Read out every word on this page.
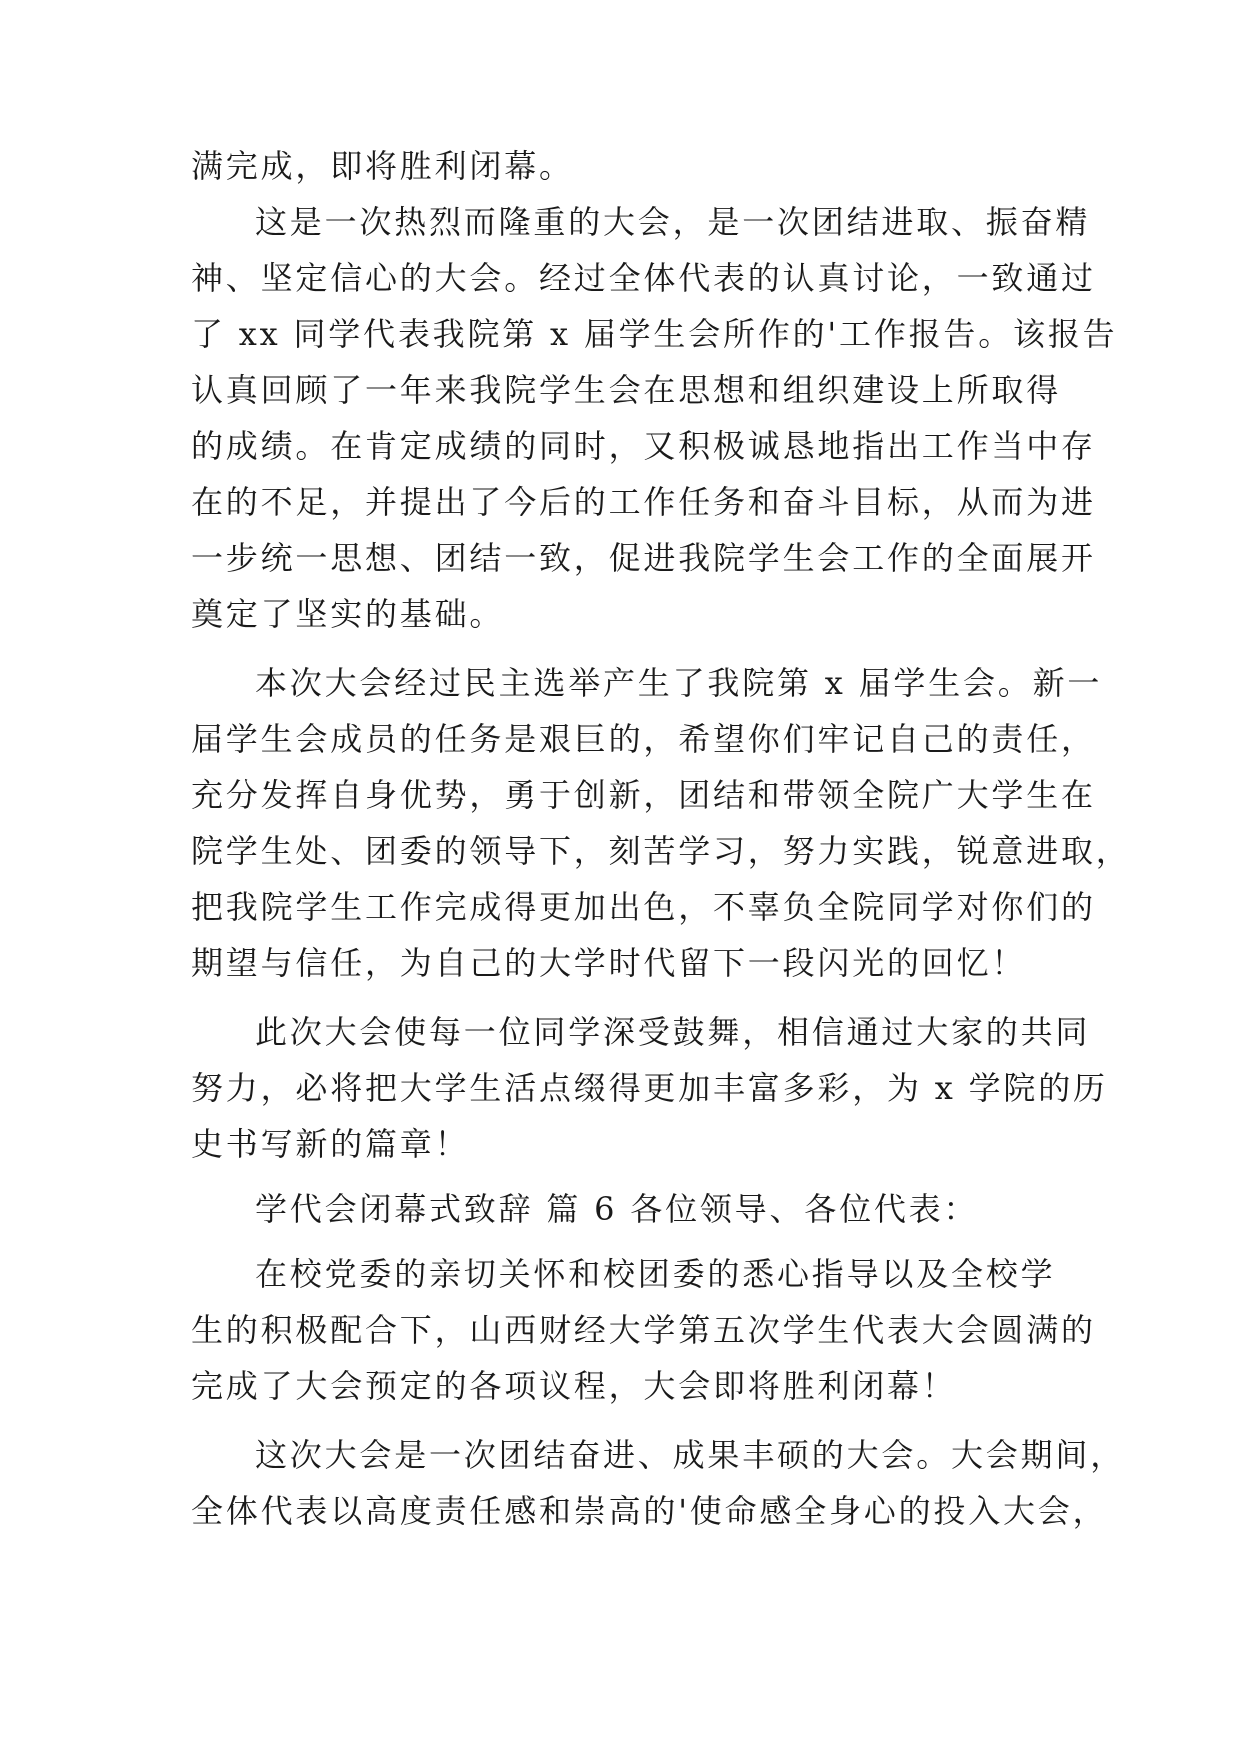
满完成，即将胜利闭幕。
这是一次热烈而隆重的大会，是一次团结进取、振奋精
神、坚定信心的大会。经过全体代表的认真讨论，一致通过
了 xx 同学代表我院第 x 届学生会所作的'工作报告。该报告
认真回顾了一年来我院学生会在思想和组织建设上所取得
的成绩。在肯定成绩的同时，又积极诚恳地指出工作当中存
在的不足，并提出了今后的工作任务和奋斗目标，从而为进
一步统一思想、团结一致，促进我院学生会工作的全面展开
奠定了坚实的基础。
本次大会经过民主选举产生了我院第 x 届学生会。新一
届学生会成员的任务是艰巨的，希望你们牢记自己的责任，
充分发挥自身优势，勇于创新，团结和带领全院广大学生在
院学生处、团委的领导下，刻苦学习，努力实践，锐意进取，
把我院学生工作完成得更加出色，不辜负全院同学对你们的
期望与信任，为自己的大学时代留下一段闪光的回忆！
此次大会使每一位同学深受鼓舞，相信通过大家的共同
努力，必将把大学生活点缀得更加丰富多彩，为 x 学院的历
史书写新的篇章！
学代会闭幕式致辞 篇 6 各位领导、各位代表：
在校党委的亲切关怀和校团委的悉心指导以及全校学
生的积极配合下，山西财经大学第五次学生代表大会圆满的
完成了大会预定的各项议程，大会即将胜利闭幕！
这次大会是一次团结奋进、成果丰硕的大会。大会期间，
全体代表以高度责任感和崇高的'使命感全身心的投入大会，
